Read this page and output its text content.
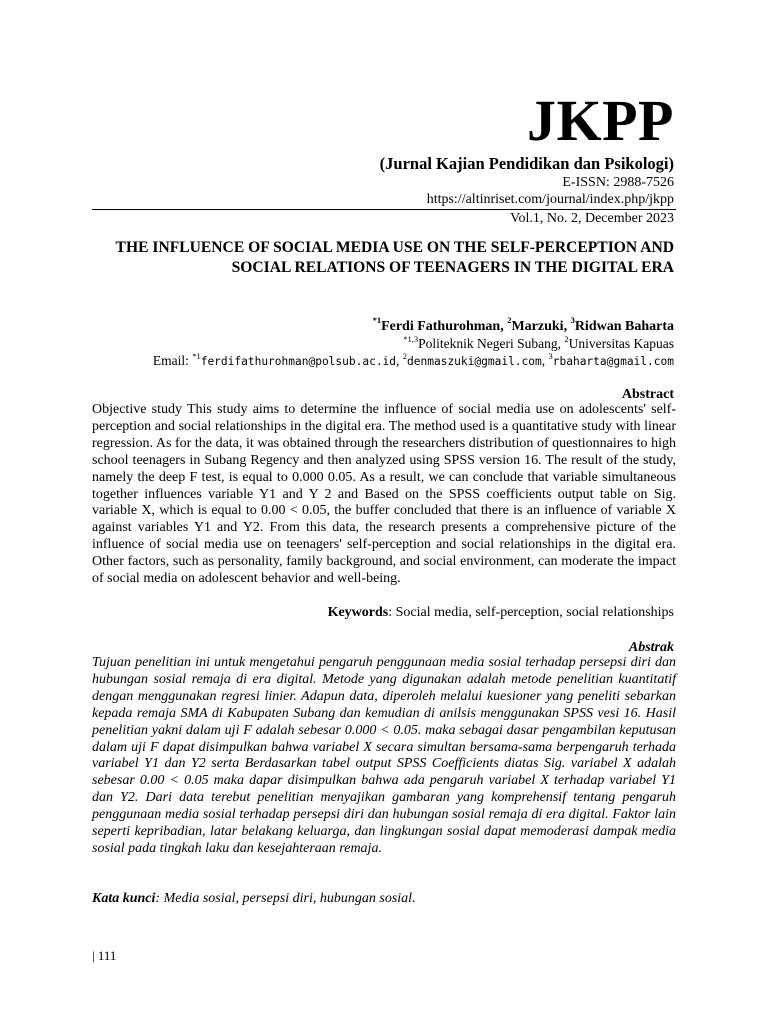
JKPP
(Jurnal Kajian Pendidikan dan Psikologi)
E-ISSN: 2988-7526
https://altinriset.com/journal/index.php/jkpp
Vol.1, No. 2, December 2023
THE INFLUENCE OF SOCIAL MEDIA USE ON THE SELF-PERCEPTION AND SOCIAL RELATIONS OF TEENAGERS IN THE DIGITAL ERA
$^{*1}$Ferdi Fathurohman, $^2$Marzuki, $^3$Ridwan Baharta
$^{*1,3}$Politeknik Negeri Subang, $^2$Universitas Kapuas
Email: $^{*1}$ferdifathurohman@polsub.ac.id, $^2$denmaszuki@gmail.com, $^3$rbaharta@gmail.com
Abstract
Objective study This study aims to determine the influence of social media use on adolescents' self-perception and social relationships in the digital era. The method used is a quantitative study with linear regression. As for the data, it was obtained through the researchers distribution of questionnaires to high school teenagers in Subang Regency and then analyzed using SPSS version 16. The result of the study, namely the deep F test, is equal to 0.000 0.05. As a result, we can conclude that variable simultaneous together influences variable Y1 and Y 2 and Based on the SPSS coefficients output table on Sig. variable X, which is equal to 0.00 < 0.05, the buffer concluded that there is an influence of variable X against variables Y1 and Y2. From this data, the research presents a comprehensive picture of the influence of social media use on teenagers' self-perception and social relationships in the digital era. Other factors, such as personality, family background, and social environment, can moderate the impact of social media on adolescent behavior and well-being.
Keywords: Social media, self-perception, social relationships
Abstrak
Tujuan penelitian ini untuk mengetahui pengaruh penggunaan media sosial terhadap persepsi diri dan hubungan sosial remaja di era digital. Metode yang digunakan adalah metode penelitian kuantitatif dengan menggunakan regresi linier. Adapun data, diperoleh melalui kuesioner yang peneliti sebarkan kepada remaja SMA di Kabupaten Subang dan kemudian di anilsis menggunakan SPSS vesi 16. Hasil penelitian yakni dalam uji F adalah sebesar 0.000 < 0.05. maka sebagai dasar pengambilan keputusan dalam uji F dapat disimpulkan bahwa variabel X secara simultan bersama-sama berpengaruh terhada variabel Y1 dan Y2 serta Berdasarkan tabel output SPSS Coefficients diatas Sig. variabel X adalah sebesar 0.00 < 0.05 maka dapar disimpulkan bahwa ada pengaruh variabel X terhadap variabel Y1 dan Y2. Dari data terebut penelitian menyajikan gambaran yang komprehensif tentang pengaruh penggunaan media sosial terhadap persepsi diri dan hubungan sosial remaja di era digital. Faktor lain seperti kepribadian, latar belakang keluarga, dan lingkungan sosial dapat memoderasi dampak media sosial pada tingkah laku dan kesejahteraan remaja.
Kata kunci: Media sosial, persepsi diri, hubungan sosial.
| 111
